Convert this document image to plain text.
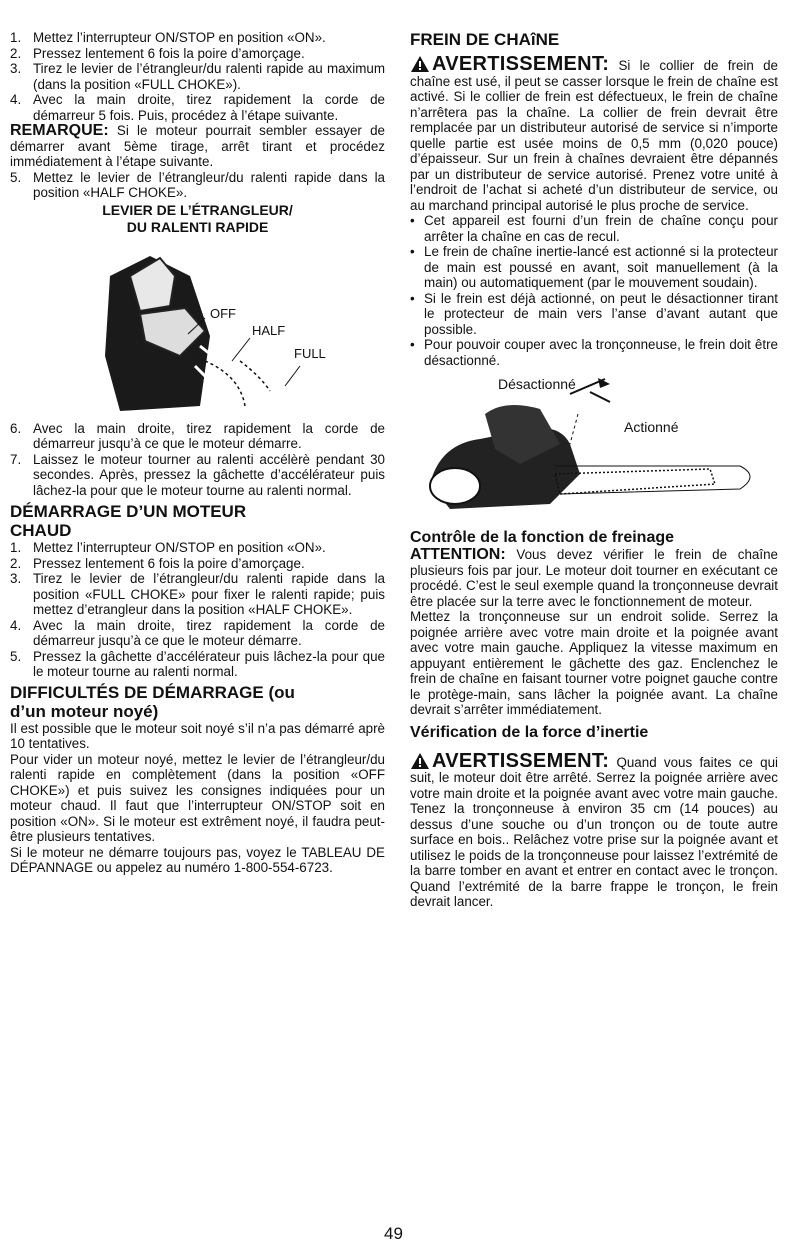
1. Mettez l’interrupteur ON/STOP en position «ON».
2. Pressez lentement 6 fois la poire d’amorçage.
3. Tirez le levier de l’étrangleur/du ralenti rapide au maximum (dans la position «FULL CHOKE»).
4. Avec la main droite, tirez rapidement la corde de démarreur 5 fois. Puis, procédez à l’étape suivante.

REMARQUE: Si le moteur pourrait sembler essayer de démarrer avant 5ème tirage, arrêt tirant et procédez immédiatement à l’étape suivante.

5. Mettez le levier de l’étrangleur/du ralenti rapide dans la position «HALF CHOKE».
LEVIER DE L’ÉTRANGLEUR/
DU RALENTI RAPIDE
OFF
HALF
FULL
6. Avec la main droite, tirez rapidement la corde de démarreur jusqu’à ce que le moteur démarre.
7. Laissez le moteur tourner au ralenti accélèrè pendant 30 secondes. Après, pressez la gâchette d’accélérateur puis lâchez-la pour que le moteur tourne au ralenti normal.
DÉMARRAGE D’UN MOTEUR
CHAUD
1. Mettez l’interrupteur ON/STOP en position «ON».
2. Pressez lentement 6 fois la poire d’amorçage.
3. Tirez le levier de l’étrangleur/du ralenti rapide dans la position «FULL CHOKE» pour fixer le ralenti rapide; puis mettez d’etrangleur dans la position «HALF CHOKE».
4. Avec la main droite, tirez rapidement la corde de démarreur jusqu’à ce que le moteur démarre.
5. Pressez la gâchette d’accélérateur puis lâchez-la pour que le moteur tourne au ralenti normal.
DIFFICULTÉS DE DÉMARRAGE (ou
d’un moteur noyé)

Il est possible que le moteur soit noyé s’il n’a pas démarré aprè 10 tentatives.

Pour vider un moteur noyé, mettez le levier de l’étrangleur/du ralenti rapide en complètement (dans la position «OFF CHOKE») et puis suivez les consignes indiquées pour un moteur chaud. Il faut que l’interrupteur ON/STOP soit en position «ON». Si le moteur est extrêment noyé, il faudra peut-être plusieurs tentatives.

Si le moteur ne démarre toujours pas, voyez le TABLEAU DE DÉPANNAGE ou appelez au numéro 1-800-554-6723.

FREIN DE CHAîNE

AVERTISSEMENT: Si le collier de frein de chaîne est usé, il peut se casser lorsque le frein de chaîne est activé. Si le collier de frein est défectueux, le frein de chaîne n’arrêtera pas la chaîne. La collier de frein devrait être remplacée par un distributeur autorisé de service si n’importe quelle partie est usée moins de 0,5 mm (0,020 pouce) d’épaisseur. Sur un frein à chaînes devraient être dépannés par un distributeur de service autorisé. Prenez votre unité à l’endroit de l’achat si acheté d’un distributeur de service, ou au marchand principal autorisé le plus proche de service.

• Cet appareil est fourni d’un frein de chaîne conçu pour arrêter la chaîne en cas de recul.
• Le frein de chaîne inertie-lancé est actionné si la protecteur de main est poussé en avant, soit manuellement (à la main) ou automatiquement (par le mouvement soudain).
• Si le frein est déjà actionné, on peut le désactionner tirant le protecteur de main vers l’anse d’avant autant que possible.
• Pour pouvoir couper avec la tronçonneuse, le frein doit être désactionné.
Désactionné
Actionné
Contrôle de la fonction de freinage

ATTENTION: Vous devez vérifier le frein de chaîne plusieurs fois par jour. Le moteur doit tourner en exécutant ce procédé. C’est le seul exemple quand la tronçonneuse devrait être placée sur la terre avec le fonctionnement de moteur.

Mettez la tronçonneuse sur un endroit solide. Serrez la poignée arrière avec votre main droite et la poignée avant avec votre main gauche. Appliquez la vitesse maximum en appuyant entièrement le gâchette des gaz. Enclenchez le frein de chaîne en faisant tourner votre poignet gauche contre le protège-main, sans lâcher la poignée avant. La chaîne devrait s’arrêter immédiatement.

Vérification de la force d’inertie

AVERTISSEMENT: Quand vous faites ce qui suit, le moteur doit être arrêté. Serrez la poignée arrière avec votre main droite et la poignée avant avec votre main gauche. Tenez la tronçonneuse à environ 35 cm (14 pouces) au dessus d’une souche ou d’un tronçon ou de toute autre surface en bois.. Relâchez votre prise sur la poignée avant et utilisez le poids de la tronçonneuse pour laissez l’extrémité de la barre tomber en avant et entrer en contact avec le tronçon. Quand l’extrémité de la barre frappe le tronçon, le frein devrait lancer.

49
